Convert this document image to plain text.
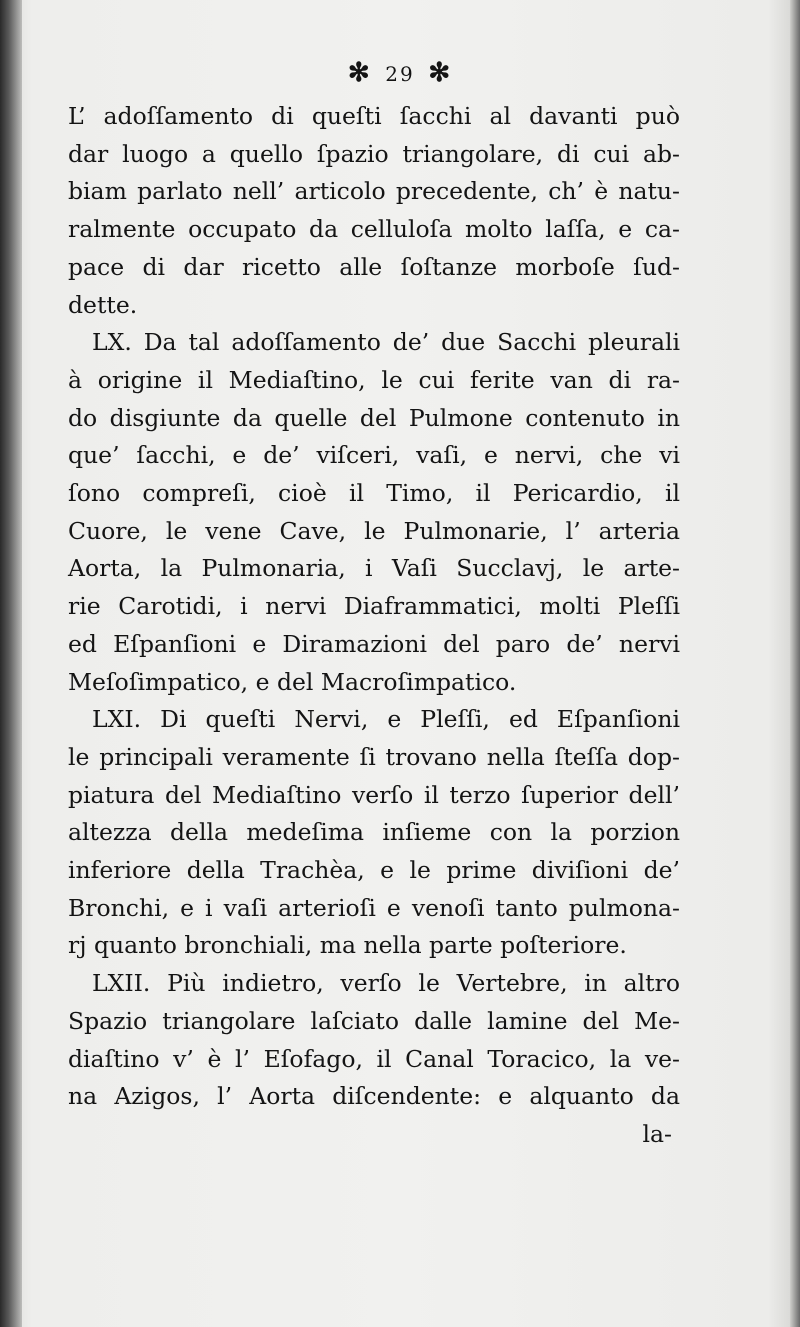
✻ 29 ✻
L’ adoſſamento di queſti ſacchi al davanti può
dar luogo a quello ſpazio triangolare, di cui ab-
biam parlato nell’ articolo precedente, ch’ è natu-
ralmente occupato da celluloſa molto laſſa, e ca-
pace di dar ricetto alle ſoſtanze morboſe ſud-
dette.
LX. Da tal adoſſamento de’ due Sacchi pleurali
à origine il Mediaſtino, le cui ferite van di ra-
do disgiunte da quelle del Pulmone contenuto in
que’ ſacchi, e de’ viſceri, vaſi, e nervi, che vi
ſono compreſi, cioè il Timo, il Pericardio, il
Cuore, le vene Cave, le Pulmonarie, l’ arteria
Aorta, la Pulmonaria, i Vaſi Succlavj, le arte-
rie Carotidi, i nervi Diaframmatici, molti Pleſſi
ed Eſpanſioni e Diramazioni del paro de’ nervi
Meſoſimpatico, e del Macroſimpatico.
LXI. Di queſti Nervi, e Pleſſi, ed Eſpanſioni
le principali veramente ſi trovano nella ſteſſa dop-
piatura del Mediaſtino verſo il terzo ſuperior dell’
altezza della medeſima inſieme con la porzion
inferiore della Trachèa, e le prime diviſioni de’
Bronchi, e i vaſi arterioſi e venoſi tanto pulmona-
rj quanto bronchiali, ma nella parte poſteriore.
LXII. Più indietro, verſo le Vertebre, in altro
Spazio triangolare laſciato dalle lamine del Me-
diaſtino v’ è l’ Eſofago, il Canal Toracico, la ve-
na Azigos, l’ Aorta diſcendente: e alquanto da
la-
